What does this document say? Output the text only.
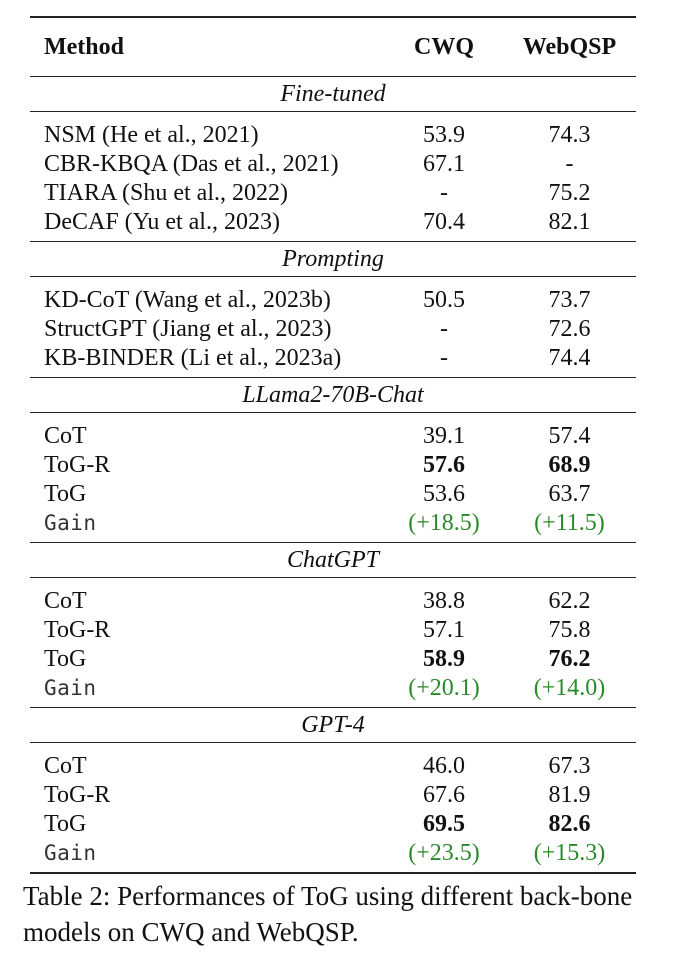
Method	CWQ	WebQSP
Fine-tuned		
NSM (He et al., 2021)	53.9	74.3
CBR-KBQA (Das et al., 2021)	67.1	-
TIARA (Shu et al., 2022)	-	75.2
DeCAF (Yu et al., 2023)	70.4	82.1
Prompting		
KD-CoT (Wang et al., 2023b)	50.5	73.7
StructGPT (Jiang et al., 2023)	-	72.6
KB-BINDER (Li et al., 2023a)	-	74.4
LLama2-70B-Chat		
CoT	39.1	57.4
ToG-R	57.6	68.9
ToG	53.6	63.7
Gain	(+18.5)	(+11.5)
ChatGPT		
CoT	38.8	62.2
ToG-R	57.1	75.8
ToG	58.9	76.2
Gain	(+20.1)	(+14.0)
GPT-4		
CoT	46.0	67.3
ToG-R	67.6	81.9
ToG	69.5	82.6
Gain	(+23.5)	(+15.3)
Table 2: Performances of ToG using different back-bone models on CWQ and WebQSP.
